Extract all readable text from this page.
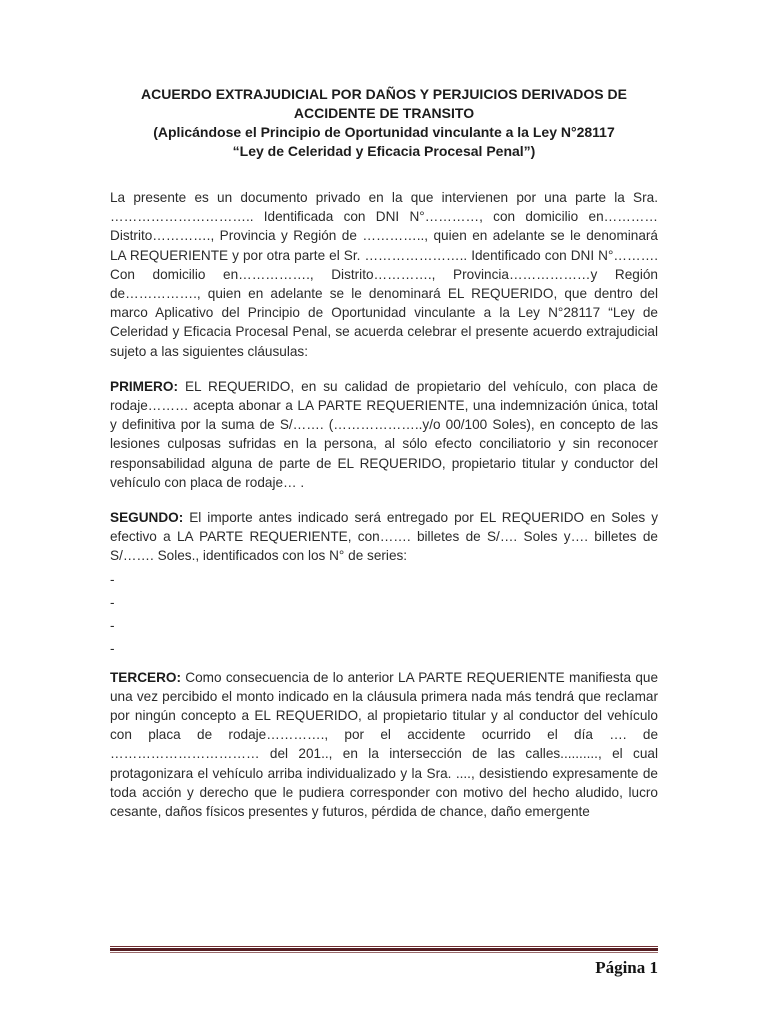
ACUERDO EXTRAJUDICIAL POR DAÑOS Y PERJUICIOS DERIVADOS DE
ACCIDENTE DE TRANSITO
(Aplicándose el Principio de Oportunidad vinculante a la Ley N°28117
“Ley de Celeridad y Eficacia Procesal Penal”)

La presente es un documento privado en la que intervienen por una parte la Sra. ………………………….. Identificada con DNI N°…………, con domicilio en………… Distrito…………., Provincia y Región de ………….., quien en adelante se le denominará LA REQUERIENTE y por otra parte el Sr. ………………….. Identificado con DNI N°………. Con domicilio en……………., Distrito…………., Provincia………………y Región de……………., quien en adelante se le denominará EL REQUERIDO, que dentro del marco Aplicativo del Principio de Oportunidad vinculante a la Ley N°28117 “Ley de Celeridad y Eficacia Procesal Penal, se acuerda celebrar el presente acuerdo extrajudicial sujeto a las siguientes cláusulas:

PRIMERO: EL REQUERIDO, en su calidad de propietario del vehículo, con placa de rodaje……… acepta abonar a LA PARTE REQUERIENTE, una indemnización única, total y definitiva por la suma de S/……. (………………..y/o 00/100 Soles), en concepto de las lesiones culposas sufridas en la persona, al sólo efecto conciliatorio y sin reconocer responsabilidad alguna de parte de EL REQUERIDO, propietario titular y conductor del vehículo con placa de rodaje… .

SEGUNDO: El importe antes indicado será entregado por EL REQUERIDO en Soles y efectivo a LA PARTE REQUERIENTE, con……. billetes de S/…. Soles y…. billetes de S/……. Soles., identificados con los N° de series:

-
-
-
-

TERCERO: Como consecuencia de lo anterior LA PARTE REQUERIENTE manifiesta que una vez percibido el monto indicado en la cláusula primera nada más tendrá que reclamar por ningún concepto a EL REQUERIDO, al propietario titular y al conductor del vehículo con placa de rodaje…………., por el accidente ocurrido el día …. de …………………………… del 201.., en la intersección de las calles.........., el cual protagonizara el vehículo arriba individualizado y la Sra. ...., desistiendo expresamente de toda acción y derecho que le pudiera corresponder con motivo del hecho aludido, lucro cesante, daños físicos presentes y futuros, pérdida de chance, daño emergente

Página 1
